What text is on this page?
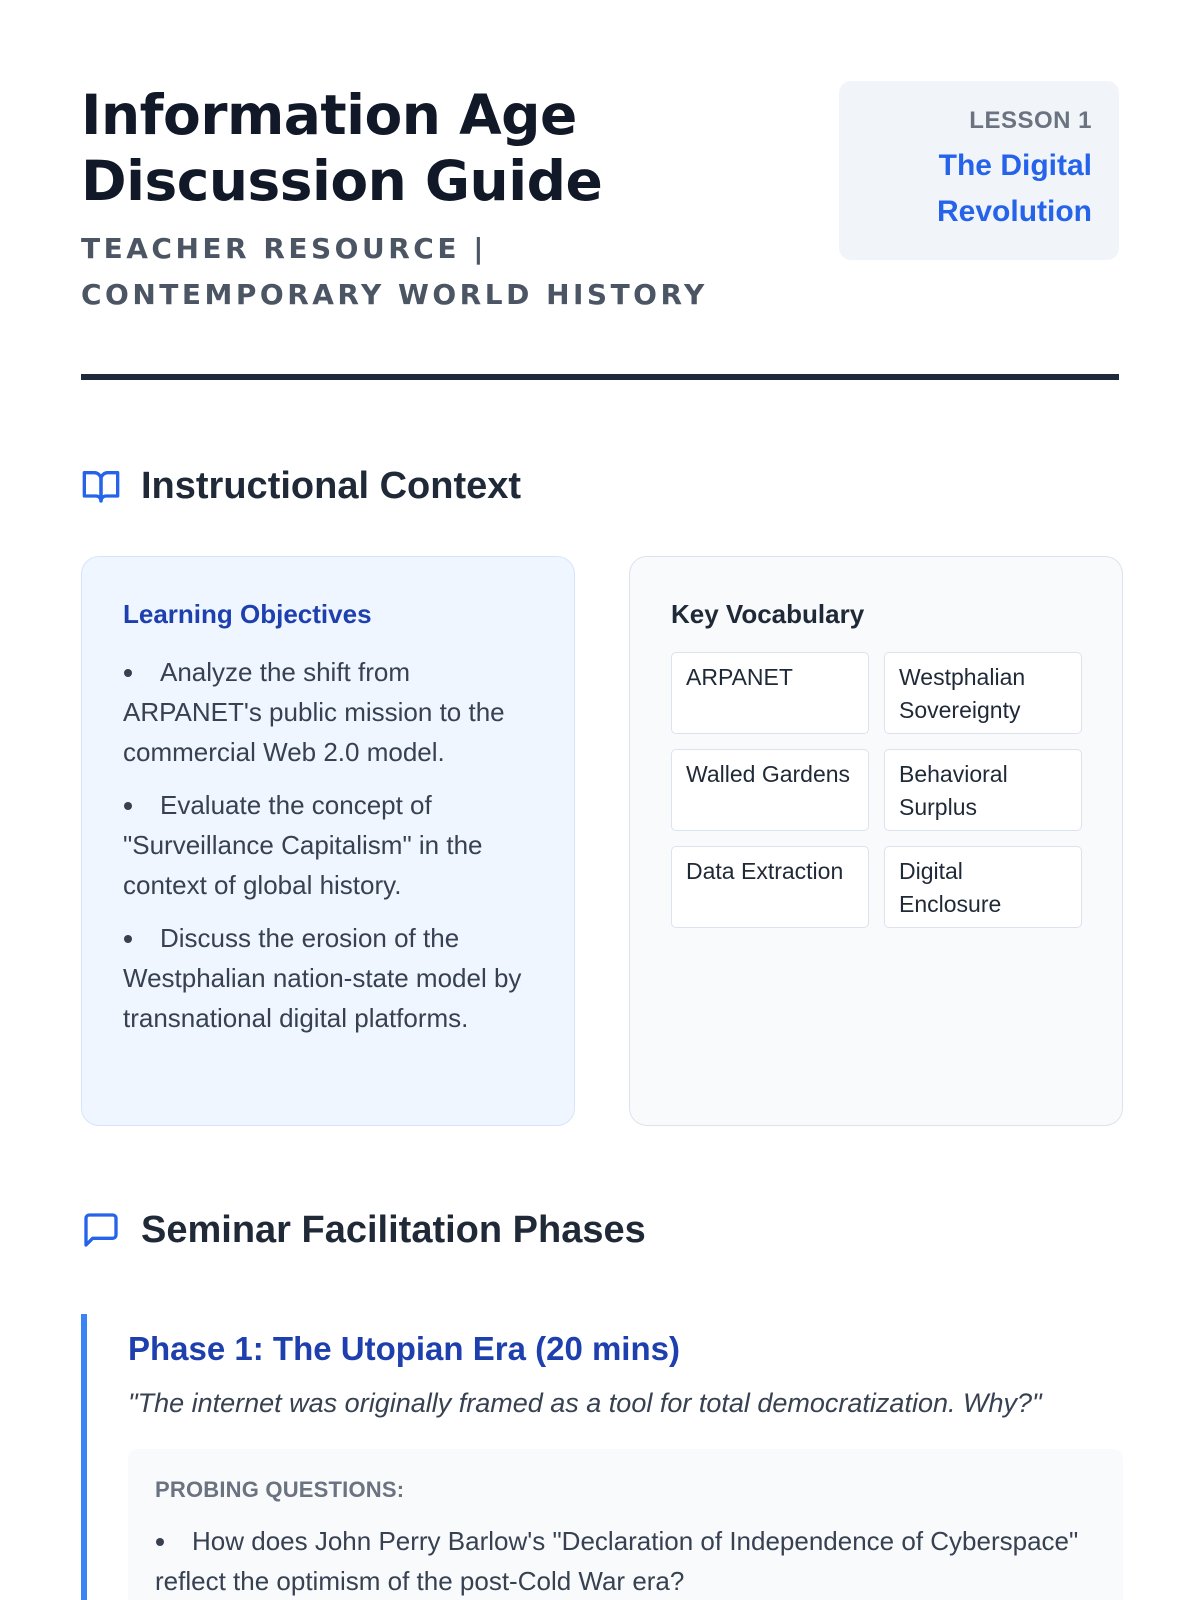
Information Age Discussion Guide
TEACHER RESOURCE | CONTEMPORARY WORLD HISTORY
LESSON 1
The Digital Revolution
Instructional Context
Learning Objectives
Analyze the shift from ARPANET's public mission to the commercial Web 2.0 model.
Evaluate the concept of "Surveillance Capitalism" in the context of global history.
Discuss the erosion of the Westphalian nation-state model by transnational digital platforms.
Key Vocabulary
ARPANET	Westphalian Sovereignty
Walled Gardens	Behavioral Surplus
Data Extraction	Digital Enclosure
Seminar Facilitation Phases
Phase 1: The Utopian Era (20 mins)

"The internet was originally framed as a tool for total democratization. Why?"

PROBING QUESTIONS:
How does John Perry Barlow's "Declaration of Independence of Cyberspace" reflect the optimism of the post-Cold War era?
